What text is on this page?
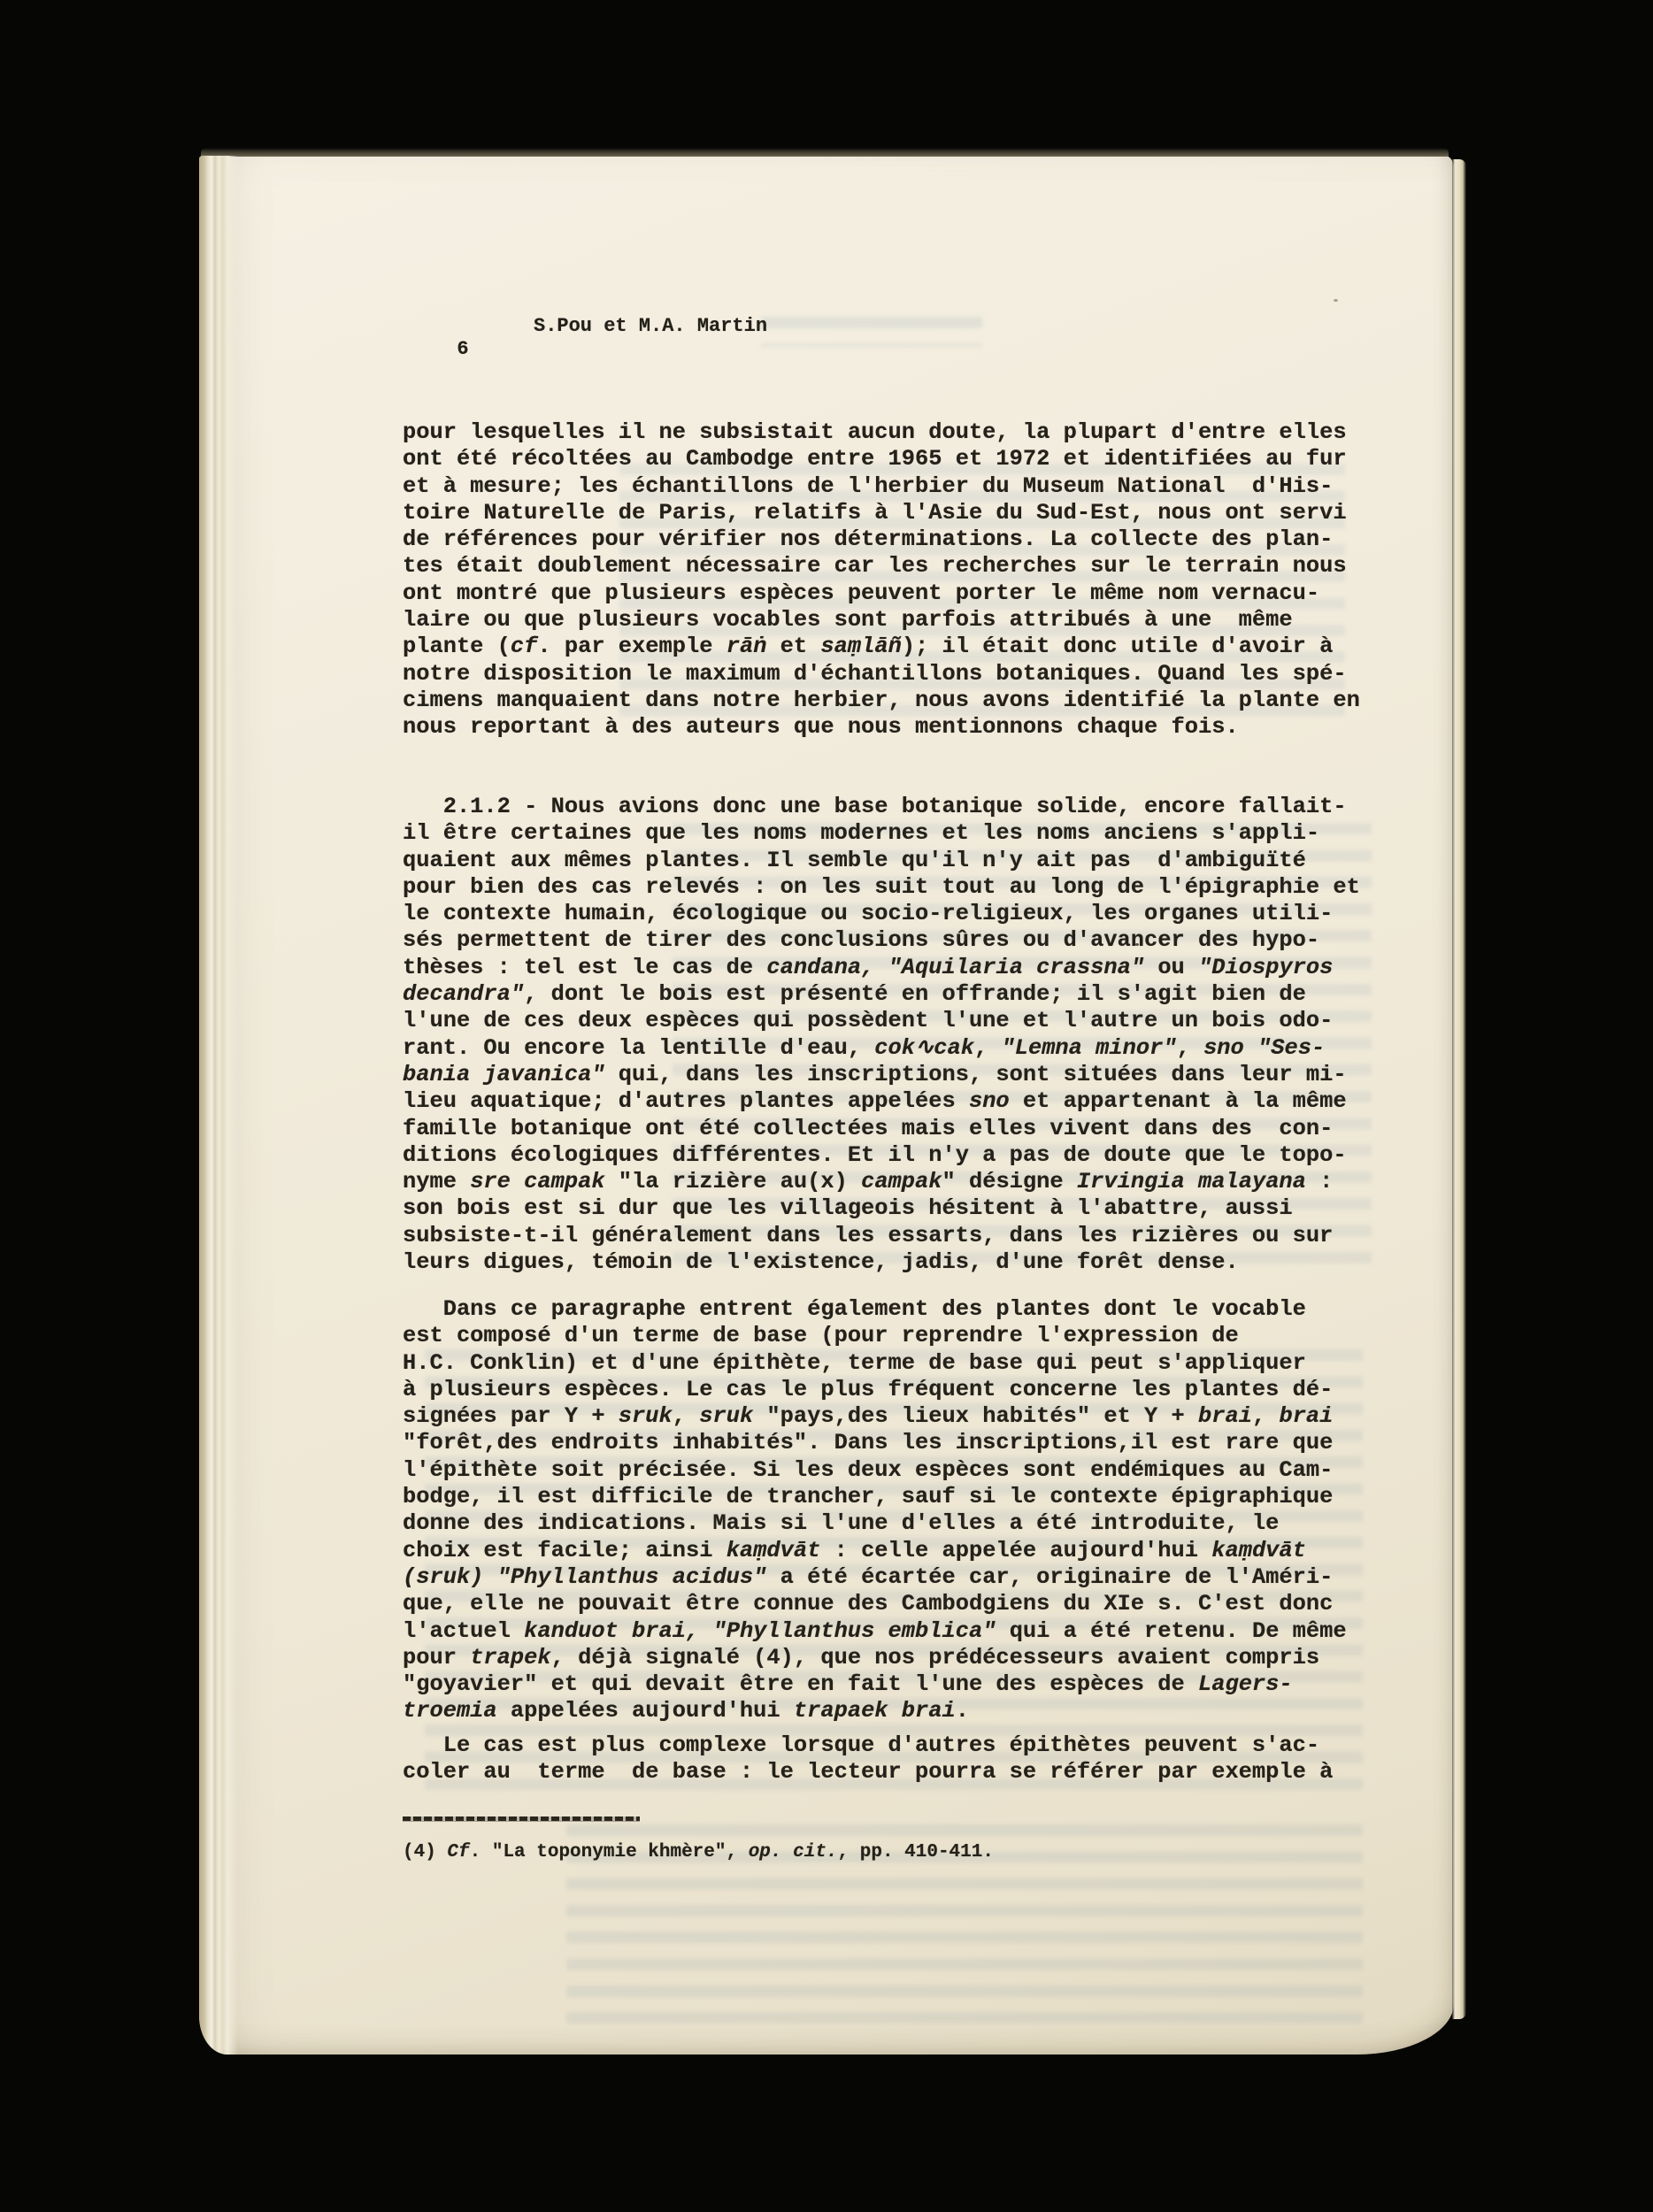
6

S.Pou et M.A. Martin

pour lesquelles il ne subsistait aucun doute, la plupart d'entre elles
ont été récoltées au Cambodge entre 1965 et 1972 et identifiées au fur
et à mesure; les échantillons de l'herbier du Museum National  d'His-
toire Naturelle de Paris, relatifs à l'Asie du Sud-Est, nous ont servi
de références pour vérifier nos déterminations. La collecte des plan-
tes était doublement nécessaire car les recherches sur le terrain nous
ont montré que plusieurs espèces peuvent porter le même nom vernacu-
laire ou que plusieurs vocables sont parfois attribués à une  même
plante (cf. par exemple rāṅ et saṃlāñ); il était donc utile d'avoir à
notre disposition le maximum d'échantillons botaniques. Quand les spé-
cimens manquaient dans notre herbier, nous avons identifié la plante en
nous reportant à des auteurs que nous mentionnons chaque fois.
2.1.2 - Nous avions donc une base botanique solide, encore fallait-
il être certaines que les noms modernes et les noms anciens s'appli-
quaient aux mêmes plantes. Il semble qu'il n'y ait pas  d'ambiguïté
pour bien des cas relevés : on les suit tout au long de l'épigraphie et
le contexte humain, écologique ou socio-religieux, les organes utili-
sés permettent de tirer des conclusions sûres ou d'avancer des hypo-
thèses : tel est le cas de candana, "Aquilaria crassna" ou "Diospyros
decandra", dont le bois est présenté en offrande; il s'agit bien de
l'une de ces deux espèces qui possèdent l'une et l'autre un bois odo-
rant. Ou encore la lentille d'eau, cok∿cak, "Lemna minor", sno "Ses-
bania javanica" qui, dans les inscriptions, sont situées dans leur mi-
lieu aquatique; d'autres plantes appelées sno et appartenant à la même
famille botanique ont été collectées mais elles vivent dans des  con-
ditions écologiques différentes. Et il n'y a pas de doute que le topo-
nyme sre campak "la rizière au(x) campak" désigne Irvingia malayana :
son bois est si dur que les villageois hésitent à l'abattre, aussi
subsiste-t-il généralement dans les essarts, dans les rizières ou sur
leurs digues, témoin de l'existence, jadis, d'une forêt dense.
Dans ce paragraphe entrent également des plantes dont le vocable
est composé d'un terme de base (pour reprendre l'expression de
H.C. Conklin) et d'une épithète, terme de base qui peut s'appliquer
à plusieurs espèces. Le cas le plus fréquent concerne les plantes dé-
signées par Y + sruk, sruk "pays,des lieux habités" et Y + brai, brai
"forêt,des endroits inhabités". Dans les inscriptions,il est rare que
l'épithète soit précisée. Si les deux espèces sont endémiques au Cam-
bodge, il est difficile de trancher, sauf si le contexte épigraphique
donne des indications. Mais si l'une d'elles a été introduite, le
choix est facile; ainsi kaṃdvāt : celle appelée aujourd'hui kaṃdvāt
(sruk) "Phyllanthus acidus" a été écartée car, originaire de l'Améri-
que, elle ne pouvait être connue des Cambodgiens du XIe s. C'est donc
l'actuel kanduot brai, "Phyllanthus emblica" qui a été retenu. De même
pour trapek, déjà signalé (4), que nos prédécesseurs avaient compris
"goyavier" et qui devait être en fait l'une des espèces de Lagers-
troemia appelées aujourd'hui trapaek brai.
Le cas est plus complexe lorsque d'autres épithètes peuvent s'ac-
coler au  terme  de base : le lecteur pourra se référer par exemple à
(4) Cf. "La toponymie khmère", op. cit., pp. 410-411.
